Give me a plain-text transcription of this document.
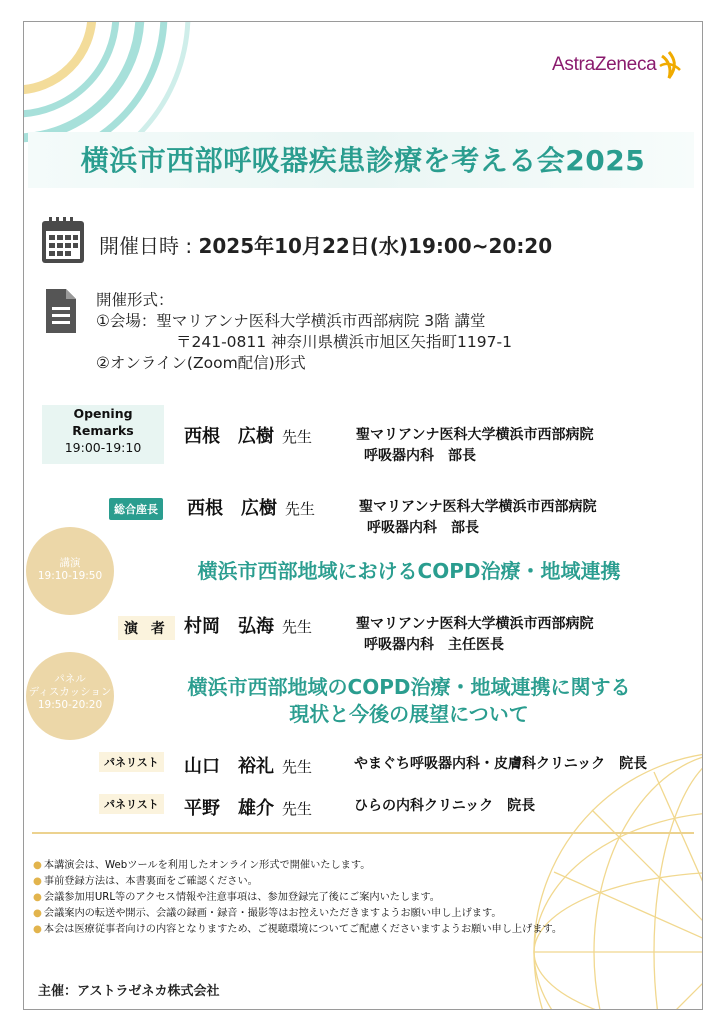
AstraZeneca
横浜市西部呼吸器疾患診療を考える会2025
開催日時 : 2025年10月22日(水)19:00~20:20
開催形式：
①会場：聖マリアンナ医科大学横浜市西部病院 3階 講堂
〒241-0811 神奈川県横浜市旭区矢指町1197-1
②オンライン(Zoom配信)形式
Opening
Remarks
19:00-19:10
西根　広樹 先生	聖マリアンナ医科大学横浜市西部病院
呼吸器内科　部長
総合座長 西根　広樹 先生	聖マリアンナ医科大学横浜市西部病院
呼吸器内科　部長
講演
19:10-19:50	横浜市西部地域におけるCOPD治療・地域連携
演 者 村岡　弘海 先生	聖マリアンナ医科大学横浜市西部病院
呼吸器内科　主任医長
パネル
ディスカッション
19:50-20:20
横浜市西部地域のCOPD治療・地域連携に関する
現状と今後の展望について
パネリスト 山口　裕礼 先生	やまぐち呼吸器内科・皮膚科クリニック　院長
パネリスト 平野　雄介 先生	ひらの内科クリニック　院長
● 本講演会は、Webツールを利用したオンライン形式で開催いたします。
● 事前登録方法は、本書裏面をご確認ください。
● 会議参加用URL等のアクセス情報や注意事項は、参加登録完了後にご案内いたします。
● 会議案内の転送や開示、会議の録画・録音・撮影等はお控えいただきますようお願い申し上げます。
● 本会は医療従事者向けの内容となりますため、ご視聴環境についてご配慮くださいますようお願い申し上げます。
主催：アストラゼネカ株式会社
